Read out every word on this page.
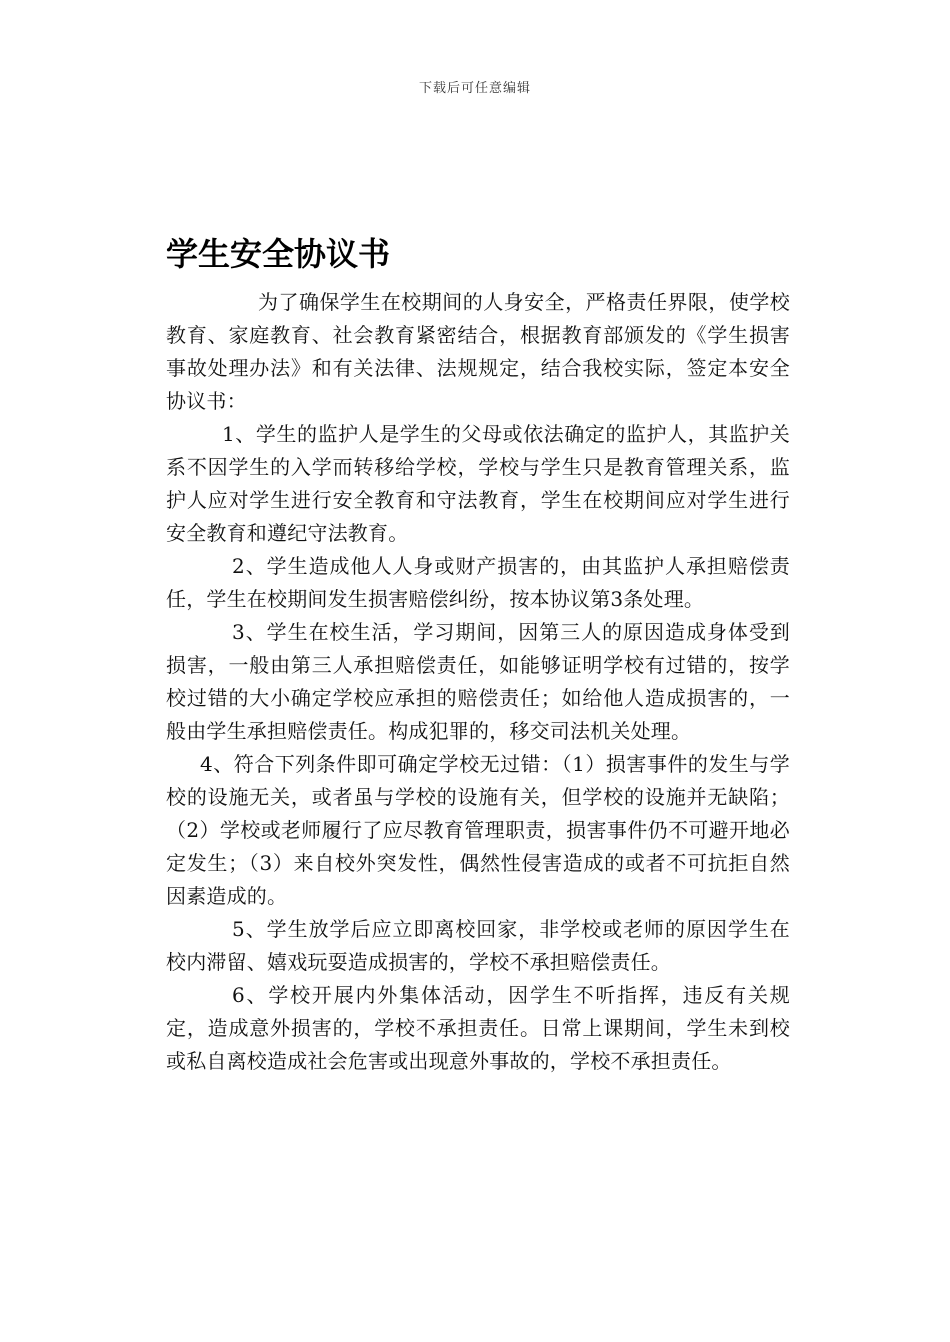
下载后可任意编辑
学生安全协议书

为了确保学生在校期间的人身安全，严格责任界限，使学校教育、家庭教育、社会教育紧密结合，根据教育部颁发的《学生损害事故处理办法》和有关法律、法规规定，结合我校实际，签定本安全协议书：

1、学生的监护人是学生的父母或依法确定的监护人，其监护关系不因学生的入学而转移给学校，学校与学生只是教育管理关系，监护人应对学生进行安全教育和守法教育，学生在校期间应对学生进行安全教育和遵纪守法教育。

2、学生造成他人人身或财产损害的，由其监护人承担赔偿责任，学生在校期间发生损害赔偿纠纷，按本协议第3条处理。

3、学生在校生活，学习期间，因第三人的原因造成身体受到损害，一般由第三人承担赔偿责任，如能够证明学校有过错的，按学校过错的大小确定学校应承担的赔偿责任；如给他人造成损害的，一般由学生承担赔偿责任。构成犯罪的，移交司法机关处理。

4、符合下列条件即可确定学校无过错：（1）损害事件的发生与学校的设施无关，或者虽与学校的设施有关，但学校的设施并无缺陷；（2）学校或老师履行了应尽教育管理职责，损害事件仍不可避开地必定发生；（3）来自校外突发性，偶然性侵害造成的或者不可抗拒自然因素造成的。

5、学生放学后应立即离校回家，非学校或老师的原因学生在校内滞留、嬉戏玩耍造成损害的，学校不承担赔偿责任。

6、学校开展内外集体活动，因学生不听指挥，违反有关规定，造成意外损害的，学校不承担责任。日常上课期间，学生未到校或私自离校造成社会危害或出现意外事故的，学校不承担责任。
